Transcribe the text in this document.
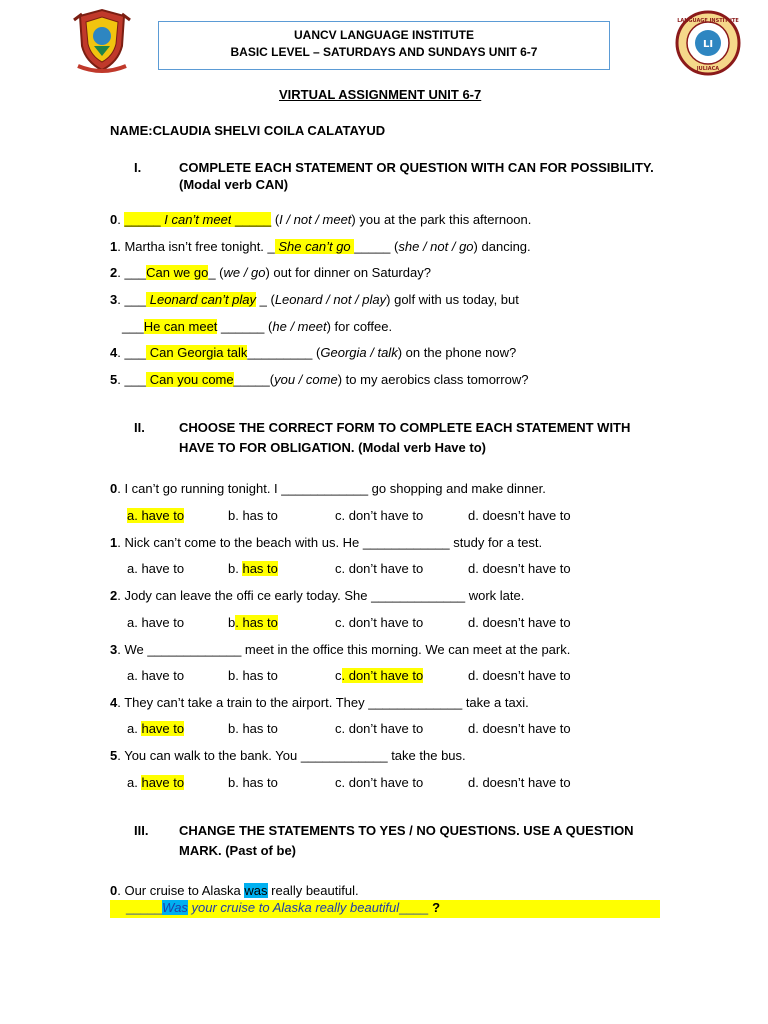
LI
LANGUAGE INSTITUTE
JULIACA
UANCV LANGUAGE INSTITUTE
BASIC LEVEL – SATURDAYS AND SUNDAYS UNIT 6-7
VIRTUAL ASSIGNMENT UNIT 6-7
NAME:CLAUDIA SHELVI COILA CALATAYUD
I.	COMPLETE EACH STATEMENT OR QUESTION WITH CAN FOR POSSIBILITY.
(Modal verb CAN)
0. _____ I can’t meet _____ (I / not / meet) you at the park this afternoon.
1. Martha isn’t free tonight. _ She can’t go _____ (she / not / go) dancing.
2. ___Can we go_ (we / go) out for dinner on Saturday?
3. ___ Leonard can’t play _ (Leonard / not / play) golf with us today, but
___He can meet ______ (he / meet) for coffee.
4. ___ Can Georgia talk_________ (Georgia / talk) on the phone now?
5. ___ Can you come_____(you / come) to my aerobics class tomorrow?
II.	CHOOSE THE CORRECT FORM TO COMPLETE EACH STATEMENT WITH
HAVE TO FOR OBLIGATION. (Modal verb Have to)
0. I can’t go running tonight. I ____________ go shopping and make dinner.
a. have to	b. has to	c. don’t have to	d. doesn’t have to
1. Nick can’t come to the beach with us. He ____________ study for a test.
a. have to	b. has to	c. don’t have to	d. doesn’t have to
2. Jody can leave the offi ce early today. She _____________ work late.
a. have to	b. has to	c. don’t have to	d. doesn’t have to
3. We _____________ meet in the office this morning. We can meet at the park.
a. have to	b. has to	c. don’t have to	d. doesn’t have to
4. They can’t take a train to the airport. They _____________ take a taxi.
a. have to	b. has to	c. don’t have to	d. doesn’t have to
5. You can walk to the bank. You ____________ take the bus.
a. have to	b. has to	c. don’t have to	d. doesn’t have to
III. CHANGE THE STATEMENTS TO YES / NO QUESTIONS. USE A QUESTION
MARK. (Past of be)
0. Our cruise to Alaska was really beautiful.
_____Was your cruise to Alaska really beautiful____ ?
